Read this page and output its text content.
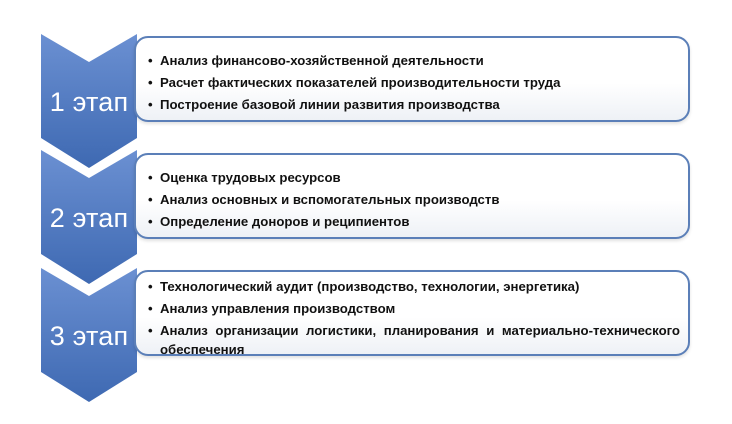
1 этап
• Анализ финансово-хозяйственной деятельности
• Расчет фактических показателей производительности труда
• Построение базовой линии развития производства
2 этап
• Оценка трудовых ресурсов
• Анализ основных и вспомогательных производств
• Определение доноров и реципиентов
3 этап
• Технологический аудит (производство, технологии, энергетика)
• Анализ управления производством
• Анализ организации логистики, планирования и материально-технического обеспечения
